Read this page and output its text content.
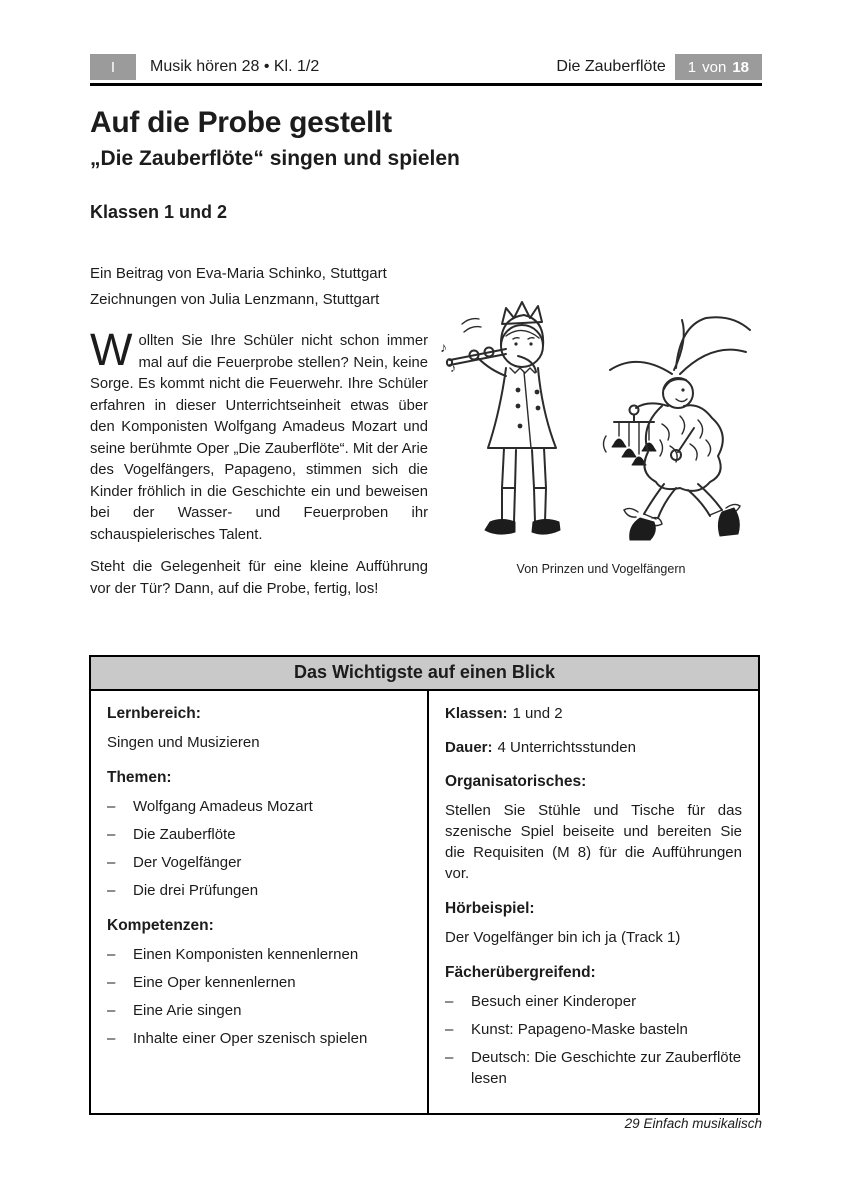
I	Musik hören 28 • Kl. 1/2	Die Zauberflöte 1 von 18
Auf die Probe gestellt
„Die Zauberflöte“ singen und spielen
Klassen 1 und 2
Ein Beitrag von Eva-Maria Schinko, Stuttgart
Zeichnungen von Julia Lenzmann, Stuttgart

Wollten Sie Ihre Schüler nicht schon immer mal auf die Feuerprobe stellen? Nein, keine Sorge. Es kommt nicht die Feuerwehr. Ihre Schüler erfahren in dieser Unterrichtseinheit etwas über den Komponisten Wolfgang Amadeus Mozart und seine berühmte Oper „Die Zauberflöte“. Mit der Arie des Vogelfängers, Papageno, stimmen sich die Kinder fröhlich in die Geschichte ein und beweisen bei der Wasser- und Feuerproben ihr schauspielerisches Talent.

Steht die Gelegenheit für eine kleine Aufführung vor der Tür? Dann, auf die Probe, fertig, los!

♪
♪
Von Prinzen und Vogelfängern
Das Wichtigste auf einen Blick
Lernbereich:
Singen und Musizieren
Themen:
–	Wolfgang Amadeus Mozart
–	Die Zauberflöte
–	Der Vogelfänger
–	Die drei Prüfungen
Kompetenzen:
–	Einen Komponisten kennenlernen
–	Eine Oper kennenlernen
–	Eine Arie singen
–	Inhalte einer Oper szenisch spielen
Klassen: 1 und 2
Dauer: 4 Unterrichtsstunden
Organisatorisches:
Stellen Sie Stühle und Tische für das szenische Spiel beiseite und bereiten Sie die Requisiten (M 8) für die Aufführungen vor.
Hörbeispiel:
Der Vogelfänger bin ich ja (Track 1)
Fächerübergreifend:
–	Besuch einer Kinderoper
–	Kunst: Papageno-Maske basteln
–	Deutsch: Die Geschichte zur Zauberflöte lesen
29 Einfach musikalisch
